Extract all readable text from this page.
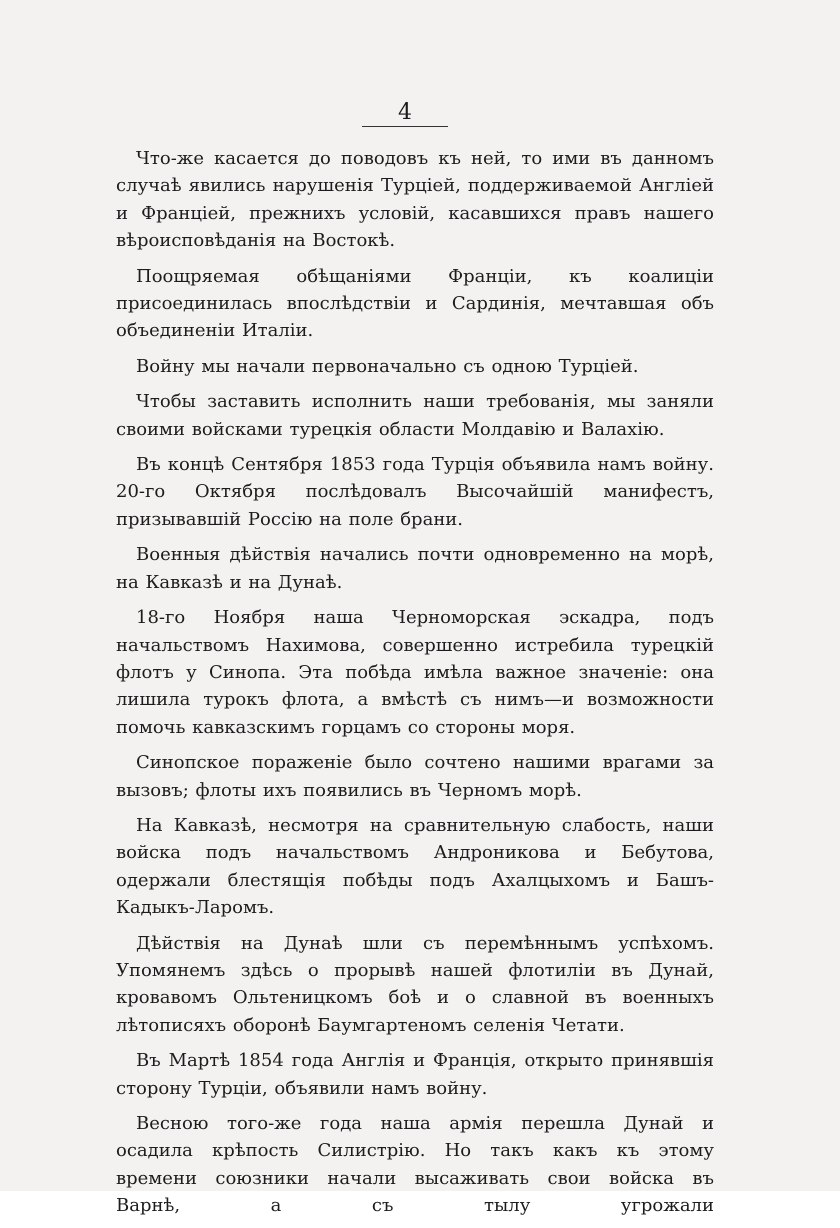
4

Что-же касается до поводовъ къ ней, то ими въ данномъ случаѣ явились нарушенія Турціей, поддерживаемой Англіей и Франціей, прежнихъ условій, касавшихся правъ нашего вѣроисповѣданія на Востокѣ.

Поощряемая обѣщаніями Франціи, къ коалиціи присоединилась впослѣдствіи и Сардинія, мечтавшая объ объединеніи Италіи.

Войну мы начали первоначально съ одною Турціей.

Чтобы заставить исполнить наши требованія, мы заняли своими войсками турецкія области Молдавію и Валахію.

Въ концѣ Сентября 1853 года Турція объявила намъ войну. 20-го Октября послѣдовалъ Высочайшій манифестъ, призывавшій Россію на поле брани.

Военныя дѣйствія начались почти одновременно на морѣ, на Кавказѣ и на Дунаѣ.

18-го Ноября наша Черноморская эскадра, подъ начальствомъ Нахимова, совершенно истребила турецкій флотъ у Синопа. Эта побѣда имѣла важное значеніе: она лишила турокъ флота, а вмѣстѣ съ нимъ—и возможности помочь кавказскимъ горцамъ со стороны моря.

Синопское пораженіе было сочтено нашими врагами за вызовъ; флоты ихъ появились въ Черномъ морѣ.

На Кавказѣ, несмотря на сравнительную слабость, наши войска подъ начальствомъ Андроникова и Бебутова, одержали блестящія побѣды подъ Ахалцыхомъ и Башъ-Кадыкъ-Ларомъ.

Дѣйствія на Дунаѣ шли съ перемѣннымъ успѣхомъ. Упомянемъ здѣсь о прорывѣ нашей флотиліи въ Дунай, кровавомъ Ольтеницкомъ боѣ и о славной въ военныхъ лѣтописяхъ оборонѣ Баумгартеномъ селенія Четати.

Въ Мартѣ 1854 года Англія и Франція, открыто принявшія сторону Турціи, объявили намъ войну.

Весною того-же года наша армія перешла Дунай и осадила крѣпость Силистрію. Но такъ какъ къ этому времени союзники начали высаживать свои войска въ Варнѣ, а съ тылу угрожали
